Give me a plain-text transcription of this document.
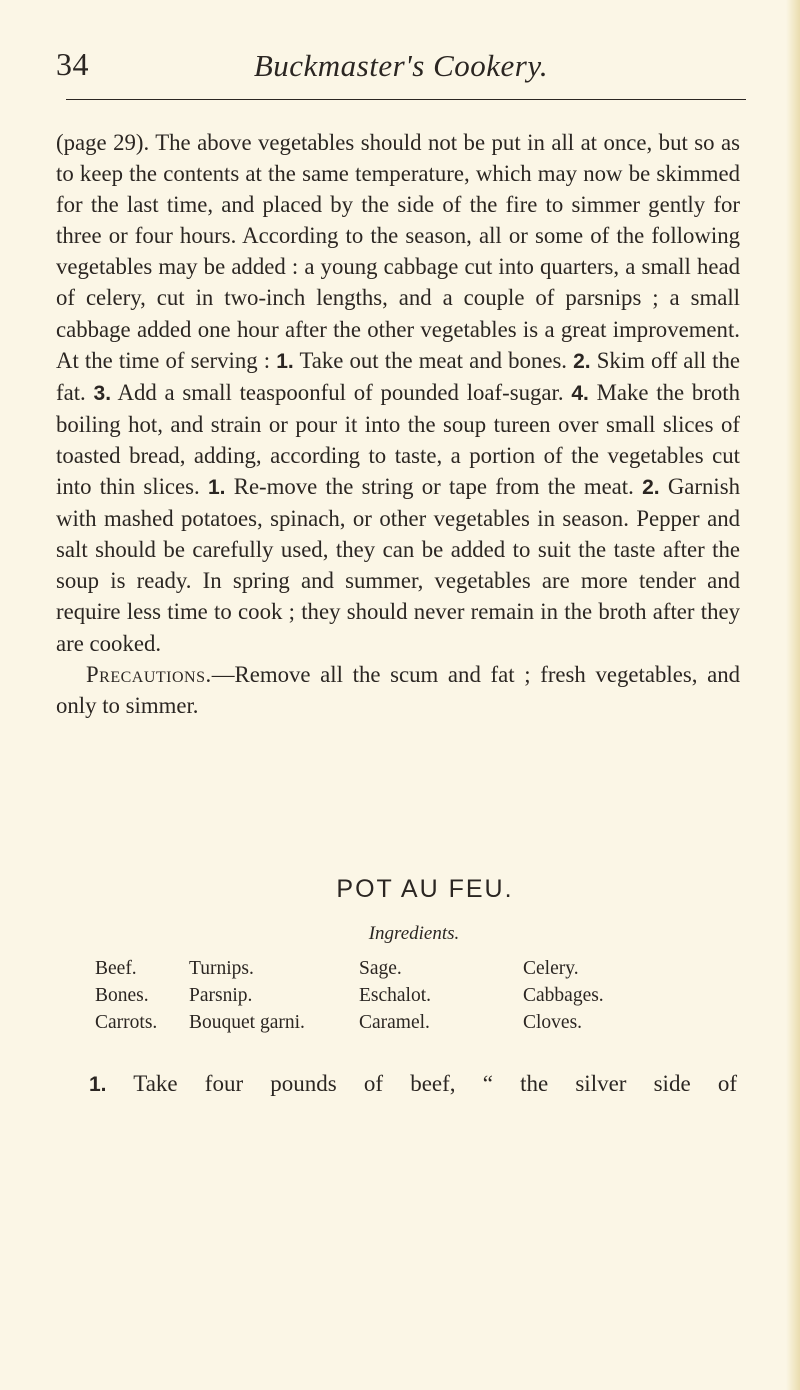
34	Buckmaster's Cookery.

(page 29). The above vegetables should not be put in all at once, but so as to keep the contents at the same temperature, which may now be skimmed for the last time, and placed by the side of the fire to simmer gently for three or four hours. According to the season, all or some of the following vegetables may be added : a young cabbage cut into quarters, a small head of celery, cut in two-inch lengths, and a couple of parsnips ; a small cabbage added one hour after the other vegetables is a great improvement. At the time of serving : 1. Take out the meat and bones. 2. Skim off all the fat. 3. Add a small teaspoonful of pounded loaf-sugar. 4. Make the broth boiling hot, and strain or pour it into the soup tureen over small slices of toasted bread, adding, according to taste, a portion of the vegetables cut into thin slices. 1. Re-move the string or tape from the meat. 2. Garnish with mashed potatoes, spinach, or other vegetables in season. Pepper and salt should be carefully used, they can be added to suit the taste after the soup is ready. In spring and summer, vegetables are more tender and require less time to cook ; they should never remain in the broth after they are cooked.

Precautions.—Remove all the scum and fat ; fresh vegetables, and only to simmer.

POT AU FEU.
Ingredients.
Beef.	Turnips.	Sage.	Celery.
Bones.	Parsnip.	Eschalot.	Cabbages.
Carrots.	Bouquet garni.	Caramel.	Cloves.
1. Take four pounds of beef, “ the silver side of
